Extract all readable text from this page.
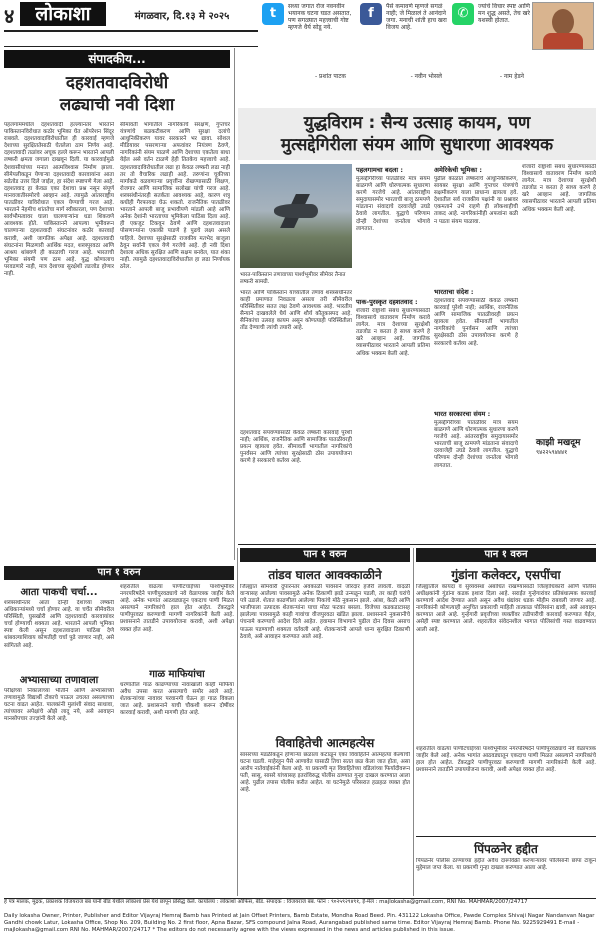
४	लोकाशा	मंगळवार, दि.१३ मे २०२५	t	सध्या जगात रोज नवनवीन भयानक घटना घडत असतात, पण सगळ्यात महत्त्वाची गोष्ट म्हणजे धैर्य सोडू नये.
- प्रशांत पाटक
f	पैसे कमावणे म्हणजे सगळं नाही; जे मिळालं ते आनंदाने जगा. मनाची शांती हाच खरा विजय आहे.
- नवीन भोसले
✆	ज्यांचे विचार स्पष्ट आणि मन शुद्ध असते, तेच खरे यशस्वी होतात.
- नाम हेडने
संपादकीय...
दहशतवादविरोधी
लढ्याची नवी दिशा
पहलगाममधील दहशतवादी हल्ल्यानंतर भारताने पाकिस्तानविरोधात कठोर भूमिका घेत ऑपरेशन सिंदूर राबवले. दहशतवादाविरोधातील ही कारवाई म्हणजे देशाच्या सुरक्षिततेसाठी घेतलेला ठाम निर्णय आहे. दहशतवादी तळांवर अचूक हल्ले करून भारताने आपली लष्करी क्षमता जगाला दाखवून दिली. या कारवाईमुळे देशवासीयांच्या मनात आत्मविश्वास निर्माण झाला. सीमेपलीकडून येणाऱ्या दहशतवादी कारवायांना आता सडेतोड उत्तर दिले जाईल, हा संदेश स्पष्टपणे गेला आहे. दहशतवाद हा केवळ एका देशाचा प्रश्न नसून संपूर्ण मानवजातीसमोरचे आव्हान आहे. त्यामुळे आंतरराष्ट्रीय पातळीवर याविरोधात एकत्र येण्याची गरज आहे. भारताने नेहमीच शांततेचा मार्ग स्वीकारला, पण देशाच्या सार्वभौमत्वावर घाला घालणाऱ्यांना धडा शिकवणे आवश्यक होते. पाकिस्तानने आपल्या भूमीवरून चालणाऱ्या दहशतवादी संघटनांवर कठोर कारवाई करावी, अशी जागतिक अपेक्षा आहे. दहशतवादी संघटनांना मिळणारी आर्थिक मदत, शस्त्रपुरवठा आणि आश्रय थांबवणे ही काळाची गरज आहे. भारताची भूमिका संयमी पण ठाम आहे. युद्ध कोणालाच परवडणारे नाही, मात्र देशाच्या सुरक्षेशी तडजोड होणार नाही.
सीमावर्ती भागातील नागरिकांचे संरक्षण, गुप्तचर यंत्रणांचे बळकटीकरण आणि सुरक्षा दलांचे आधुनिकीकरण यावर सरकारने भर द्यावा. सोशल मीडियावर पसरणाऱ्या अफवांवर नियंत्रण ठेवणे, नागरिकांनी संयम पाळणे आणि देशाच्या एकतेला बाधा येईल असे वर्तन टाळणे हेही तितकेच महत्त्वाचे आहे. दहशतवादाविरोधातील लढा हा केवळ लष्करी लढा नाही तर तो वैचारिक लढाही आहे. तरुणांना चुकीच्या मार्गाकडे वळवणाऱ्या प्रवृत्तींना रोखण्यासाठी शिक्षण, रोजगार आणि सामाजिक सलोखा यांची गरज आहे. शस्त्रसंधीनंतरही सतर्कता आवश्यक आहे, कारण शत्रू कधीही गैरफायदा घेऊ शकतो. राजनैतिक पातळीवर भारताने आपली बाजू प्रभावीपणे मांडली आहे आणि अनेक देशांनी भारताच्या भूमिकेला पाठिंबा दिला आहे. ही एकजूट टिकवून ठेवणे आणि दहशतवादाला पोसणाऱ्यांना एकाकी पाडणे हे पुढचे लक्ष्य असले पाहिजे. देशाच्या सुरक्षेसाठी राजकीय मतभेद बाजूला ठेवून सर्वांनी एकत्र येणे गरजेचे आहे. ही नवी दिशा देशाला अधिक सुरक्षित आणि सक्षम बनवेल, यात शंका नाही. त्यामुळे दहशतवादाविरोधातील हा लढा निर्णायक ठरेल.
युद्धविराम : सैन्य उत्साह कायम, पण
मुत्सद्देगिरीला संयम आणि सुधारणा आवश्यक
भारत-पाकिस्तान तणावाच्या पार्श्वभूमीवर सीमेवर तैनात लष्करी सामग्री.
भारत आणि पाकिस्तान यांच्यातील तणाव शस्त्रसंधीनंतर काही प्रमाणात निवळला असला तरी सीमेवरील परिस्थितीवर सतत लक्ष ठेवणे आवश्यक आहे. भारतीय सैन्याने दाखवलेले धैर्य आणि शौर्य कौतुकास्पद आहे. सैनिकांचा उत्साह कायम असून कोणत्याही परिस्थितीला तोंड देण्याची त्यांची तयारी आहे.
दहशतवाद संपवण्यासाठी केवळ लष्करी कारवाई पुरेशी नाही; आर्थिक, राजनैतिक आणि सामाजिक पातळीवरही प्रयत्न व्हायला हवेत. सीमावर्ती भागातील नागरिकांचे पुनर्वसन आणि त्यांच्या सुरक्षेसाठी ठोस उपाययोजना करणे हे सरकारचे कर्तव्य आहे.
पहलगामचा बदला :
मुत्सद्देगिरीच्या पातळीवर मात्र संयम बाळगणे आणि धोरणात्मक सुधारणा करणे गरजेचे आहे. आंतरराष्ट्रीय समुदायासमोर भारताची बाजू ठामपणे मांडताना संवादाचे दरवाजेही उघडे ठेवावे लागतील. युद्धाचे परिणाम दोन्ही देशांच्या जनतेला भोगावे लागतात.
पाक-पुरस्कृत दहशतवाद :
शेजारी राष्ट्रांशी संबंध सुधारण्यासाठी विश्वासाचे वातावरण निर्माण करावे लागेल. मात्र देशाच्या सुरक्षेशी तडजोड न करता हे साध्य करणे हे खरे आव्हान आहे. जागतिक व्यासपीठावर भारताने आपली प्रतिमा अधिक भक्कम केली आहे.
अमेरिकेची भूमिका :
पुढील काळात लष्कराचे आधुनिकीकरण, सायबर सुरक्षा आणि गुप्तचर यंत्रणांचे सक्षमीकरण याला प्राधान्य द्यायला हवे. देशातील सर्व राजकीय पक्षांनी या प्रश्नावर एकमताने उभे राहणे ही लोकशाहीची ताकद आहे. नागरिकांनीही अफवांना बळी न पडता संयम पाळावा.
भारताचा संदेश :
दहशतवाद संपवण्यासाठी केवळ लष्करी कारवाई पुरेशी नाही; आर्थिक, राजनैतिक आणि सामाजिक पातळीवरही प्रयत्न व्हायला हवेत. सीमावर्ती भागातील नागरिकांचे पुनर्वसन आणि त्यांच्या सुरक्षेसाठी ठोस उपाययोजना करणे हे सरकारचे कर्तव्य आहे.
भारत सरकारचा संयम :
मुत्सद्देगिरीच्या पातळीवर मात्र संयम बाळगणे आणि धोरणात्मक सुधारणा करणे गरजेचे आहे. आंतरराष्ट्रीय समुदायासमोर भारताची बाजू ठामपणे मांडताना संवादाचे दरवाजेही उघडे ठेवावे लागतील. युद्धाचे परिणाम दोन्ही देशांच्या जनतेला भोगावे लागतात.
शेजारी राष्ट्रांशी संबंध सुधारण्यासाठी विश्वासाचे वातावरण निर्माण करावे लागेल. मात्र देशाच्या सुरक्षेशी तडजोड न करता हे साध्य करणे हे खरे आव्हान आहे. जागतिक व्यासपीठावर भारताने आपली प्रतिमा अधिक भक्कम केली आहे.
काझी मखदूम
९४२२५९४४४१
पान १ वरुन	पान १ वरुन
पान १ वरुन	तांडव घालत आवक्काळीने
जिल्ह्यात सोमवारी दुपारनंतर अवकाळी पावसाने जोरदार हजेरी लावली. वादळी वाऱ्यासह आलेल्या पावसामुळे अनेक ठिकाणी झाडे उन्मळून पडली, तर काही घरांचे पत्रे उडाले. शेतात काढणीला आलेल्या पिकांचे मोठे नुकसान झाले. आंबा, केळी आणि भाजीपाला उत्पादक शेतकऱ्यांना याचा मोठा फटका बसला. विजेच्या कडकडाटासह झालेल्या पावसामुळे काही गावांचा वीजपुरवठा खंडित झाला. प्रशासनाने नुकसानीचे पंचनामे करण्याचे आदेश दिले आहेत. हवामान विभागाने पुढील दोन दिवस असाच पाऊस पडण्याची शक्यता वर्तवली आहे. शेतकऱ्यांनी आपले धान्य सुरक्षित ठिकाणी ठेवावे, असे आवाहन करण्यात आले आहे.
विवाहितेची आत्महत्येस
सासरच्या मंडळींकडून होणाऱ्या छळाला कंटाळून एका विवाहितेने आत्महत्या केल्याची घटना घडली. माहेरहून पैसे आणावेत यासाठी तिचा सतत छळ केला जात होता, असा आरोप नातेवाईकांनी केला आहे. या प्रकरणी मृत विवाहितेच्या वडिलांच्या फिर्यादीवरून पती, सासू, सासरे यांच्यासह इतरांविरुद्ध पोलीस ठाण्यात गुन्हा दाखल करण्यात आला आहे. पुढील तपास पोलीस करीत आहेत. या घटनेमुळे परिसरात हळहळ व्यक्त होत आहे.
गुंडांना कलेक्टर, एसपींचा
जिल्ह्यातील कायदा व सुव्यवस्था अबाधित राखण्यासाठी जिल्हाधिकारी आणि पोलीस अधीक्षकांनी गुंडांना कडक इशारा दिला आहे. सराईत गुन्हेगारांवर प्रतिबंधात्मक कारवाई करण्याचे आदेश देण्यात आले असून अवैध धंद्यांवर धडक मोहीम राबवली जाणार आहे. नागरिकांनी कोणत्याही अनुचित प्रकाराची माहिती तात्काळ पोलिसांना द्यावी, असे आवाहन करण्यात आले आहे. गुन्हेगारी प्रवृत्तीच्या व्यक्तींवर तडीपारीची कारवाई करण्यात येईल, असेही स्पष्ट करण्यात आले. शहरातील संवेदनशील भागात पोलिसांची गस्त वाढवण्यात आली आहे.
शहरातील वाढत्या पाणीटंचाईच्या पार्श्वभूमीवर नगरपरिषदेने पाणीपुरवठ्याचे नवे वेळापत्रक जाहीर केले आहे. अनेक भागांत आठवड्यातून एकदाच पाणी मिळत असल्याने नागरिकांचे हाल होत आहेत. टँकरद्वारे पाणीपुरवठा करण्याची मागणी नागरिकांनी केली आहे. प्रशासनाने तातडीने उपाययोजना करावी, अशी अपेक्षा व्यक्त होत आहे.
पिंपळनेर हद्दीत
पिंपळनेर पोलीस ठाण्याच्या हद्दीत अवैध दारूविक्री करणाऱ्यांवर पोलिसांनी छापा टाकून मुद्देमाल जप्त केला. या प्रकरणी गुन्हा दाखल करण्यात आला आहे.
आता पाकची चर्चा...
शस्त्रसंधीनंतर आता दोन्ही देशांच्या लष्करी अधिकाऱ्यांमध्ये चर्चा होणार आहे. या चर्चेत सीमेवरील परिस्थिती, घुसखोरी आणि दहशतवादी कारवायांवर चर्चा होण्याची शक्यता आहे. भारताने आपली भूमिका स्पष्ट केली असून दहशतवादाला पाठिंबा देणे थांबवल्याशिवाय कोणतीही चर्चा पुढे जाणार नाही, असे सांगितले आहे.
अभ्यासाच्या तणावाला
परीक्षेच्या निकालाच्या भीतीने आणि अभ्यासाच्या तणावामुळे विद्यार्थी टोकाचे पाऊल उचलत असल्याच्या घटना वाढत आहेत. पालकांनी मुलांशी संवाद साधावा, त्यांच्यावर अपेक्षांचे ओझे लादू नये, असे आवाहन मानसोपचार तज्ज्ञांनी केले आहे.
शहरातील वाढत्या पाणीटंचाईच्या पार्श्वभूमीवर नगरपरिषदेने पाणीपुरवठ्याचे नवे वेळापत्रक जाहीर केले आहे. अनेक भागांत आठवड्यातून एकदाच पाणी मिळत असल्याने नागरिकांचे हाल होत आहेत. टँकरद्वारे पाणीपुरवठा करण्याची मागणी नागरिकांनी केली आहे. प्रशासनाने तातडीने उपाययोजना करावी, अशी अपेक्षा व्यक्त होत आहे.
गाळ माफियांचा
धरणातील गाळ काढण्याच्या नावाखाली काही माफिया अवैध उपसा करत असल्याचे समोर आले आहे. शेतकऱ्यांच्या नावावर परवानगी घेऊन हा गाळ विकला जात आहे. प्रशासनाने याची चौकशी करून दोषींवर कारवाई करावी, अशी मागणी होत आहे.
हे पत्र मालक, मुद्रक, प्रकाशक विजयराज बंब यांनी बीड येथील लोकाशा प्रेस येथे छापून प्रसिद्ध केले. कार्यालय : लोकाशा ऑफिस, बीड. संपादक : विजयराज बंब. फोन : ९०२५९२९४९१, ई-मेल : majlokasha@gmail.com, RNI No. MAHMAR/2007/24717
Daily lokasha Owner, Printer, Publisher and Editor Vijayraj Hemraj Bamb has Printed at Jain Offset Printers, Bamb Estate, Mondha Road Beed. Pin. 431122 Lokasha Office, Pawde Complex Shivaji Nagar Nandanvan Nagar Gandhi chowk Latur, Lokasha Office, Shop No. 209, Building No. 2 first floor, Apna Bazar, SFS compound Jalna Road, Aurangabad published same time. Editor Vijayraj Hemraj Bamb. Phone No. 9225929491 E-mail - majlokasha@gmail.com RNI No. MAHMAR/2007/24717 * The editors do not necessarily agree with the views expressed in the news and articles published in this issue.
